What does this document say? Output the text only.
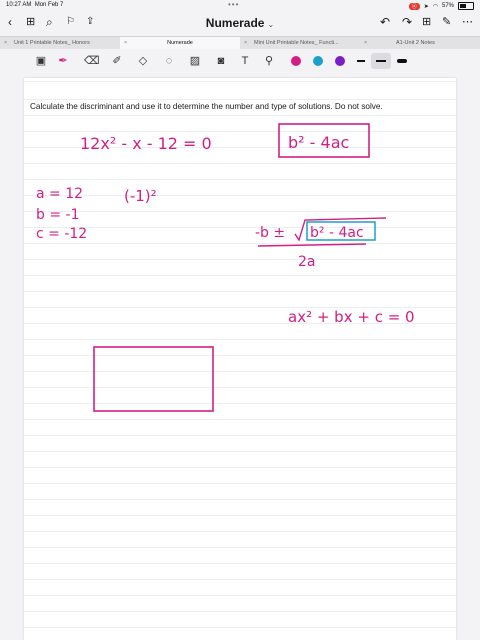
10:27 AM Mon Feb 7	•••	⦿	➤ ◠ 57%
‹ ⊞ ⌕ ⚐ ⇪	Numerade ⌄	↶ ↷ ⊞ ✎ ⋯
× Unit 1 Printable Notes_ Honors	×	Numerade	× Mini Unit Printable Notes_ Functi...	×	A1-Unit 2 Notes
▣ ✒ ⌫ ✐ ◇	◌	▨	◙	T	⚲
Calculate the discriminant and use it to determine the number and type of solutions. Do not solve.
12x² - x - 12 = 0	b² - 4ac
a = 12
b = -1
c = -12
(-1)²
-b ± b² - 4ac
2a
ax² + bx + c = 0
